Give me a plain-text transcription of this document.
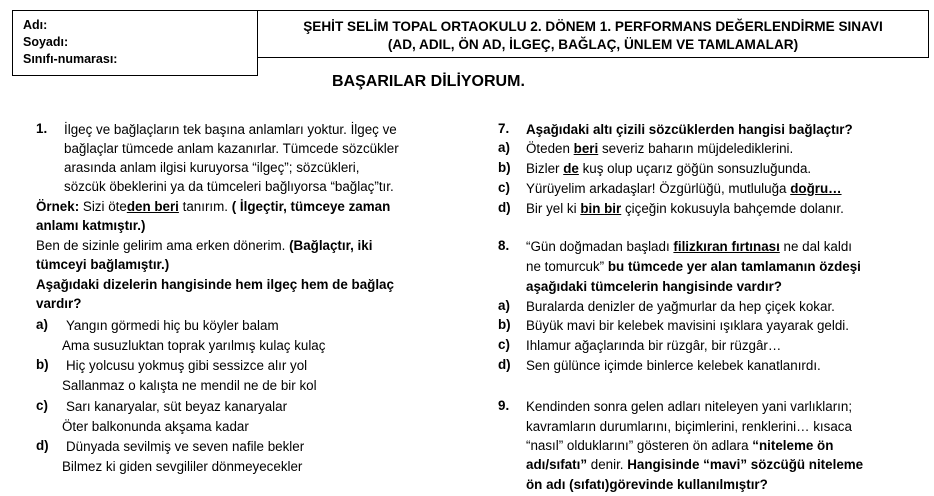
Adı:
Soyadı:
Sınıfı-numarası:
ŞEHİT SELİM TOPAL ORTAOKULU 2. DÖNEM 1. PERFORMANS DEĞERLENDİRME SINAVI
(AD, ADIL, ÖN AD, İLGEÇ, BAĞLAÇ, ÜNLEM VE TAMLAMALAR)
BAŞARILAR DİLİYORUM.
1. İlgeç ve bağlaçların tek başına anlamları yoktur. İlgeç ve
bağlaçlar tümcede anlam kazanırlar. Tümcede sözcükler
arasında anlam ilgisi kuruyorsa “ilgeç”; sözcükleri,
sözcük öbeklerini ya da tümceleri bağlıyorsa “bağlaç”tır.
Örnek: Sizi öteden beri tanırım. ( İlgeçtir, tümceye zaman
anlamı katmıştır.)
Ben de sizinle gelirim ama erken dönerim. (Bağlaçtır, iki
tümceyi bağlamıştır.)
Aşağıdaki dizelerin hangisinde hem ilgeç hem de bağlaç
vardır?
a) Yangın görmedi hiç bu köyler balam
Ama susuzluktan toprak yarılmış kulaç kulaç
b) Hiç yolcusu yokmuş gibi sessizce alır yol
Sallanmaz o kalışta ne mendil ne de bir kol
c) Sarı kanaryalar, süt beyaz kanaryalar
Öter balkonunda akşama kadar
d) Dünyada sevilmiş ve seven nafile bekler
Bilmez ki giden sevgililer dönmeyecekler
7. Aşağıdaki altı çizili sözcüklerden hangisi bağlaçtır?
a) Öteden beri severiz baharın müjdelediklerini.
b) Bizler de kuş olup uçarız göğün sonsuzluğunda.
c) Yürüyelim arkadaşlar! Özgürlüğü, mutluluğa doğru…
d) Bir yel ki bin bir çiçeğin kokusuyla bahçemde dolanır.
8. “Gün doğmadan başladı filizkıran fırtınası ne dal kaldı
ne tomurcuk” bu tümcede yer alan tamlamanın özdeşi
aşağıdaki tümcelerin hangisinde vardır?
a) Buralarda denizler de yağmurlar da hep çiçek kokar.
b) Büyük mavi bir kelebek mavisini ışıklara yayarak geldi.
c) Ihlamur ağaçlarında bir rüzgâr, bir rüzgâr…
d) Sen gülünce içimde binlerce kelebek kanatlanırdı.
9. Kendinden sonra gelen adları niteleyen yani varlıkların;
kavramların durumlarını, biçimlerini, renklerini… kısaca
“nasıl” olduklarını” gösteren ön adlara “niteleme ön
adı/sıfatı” denir. Hangisinde “mavi” sözcüğü niteleme
ön adı (sıfatı)görevinde kullanılmıştır?
